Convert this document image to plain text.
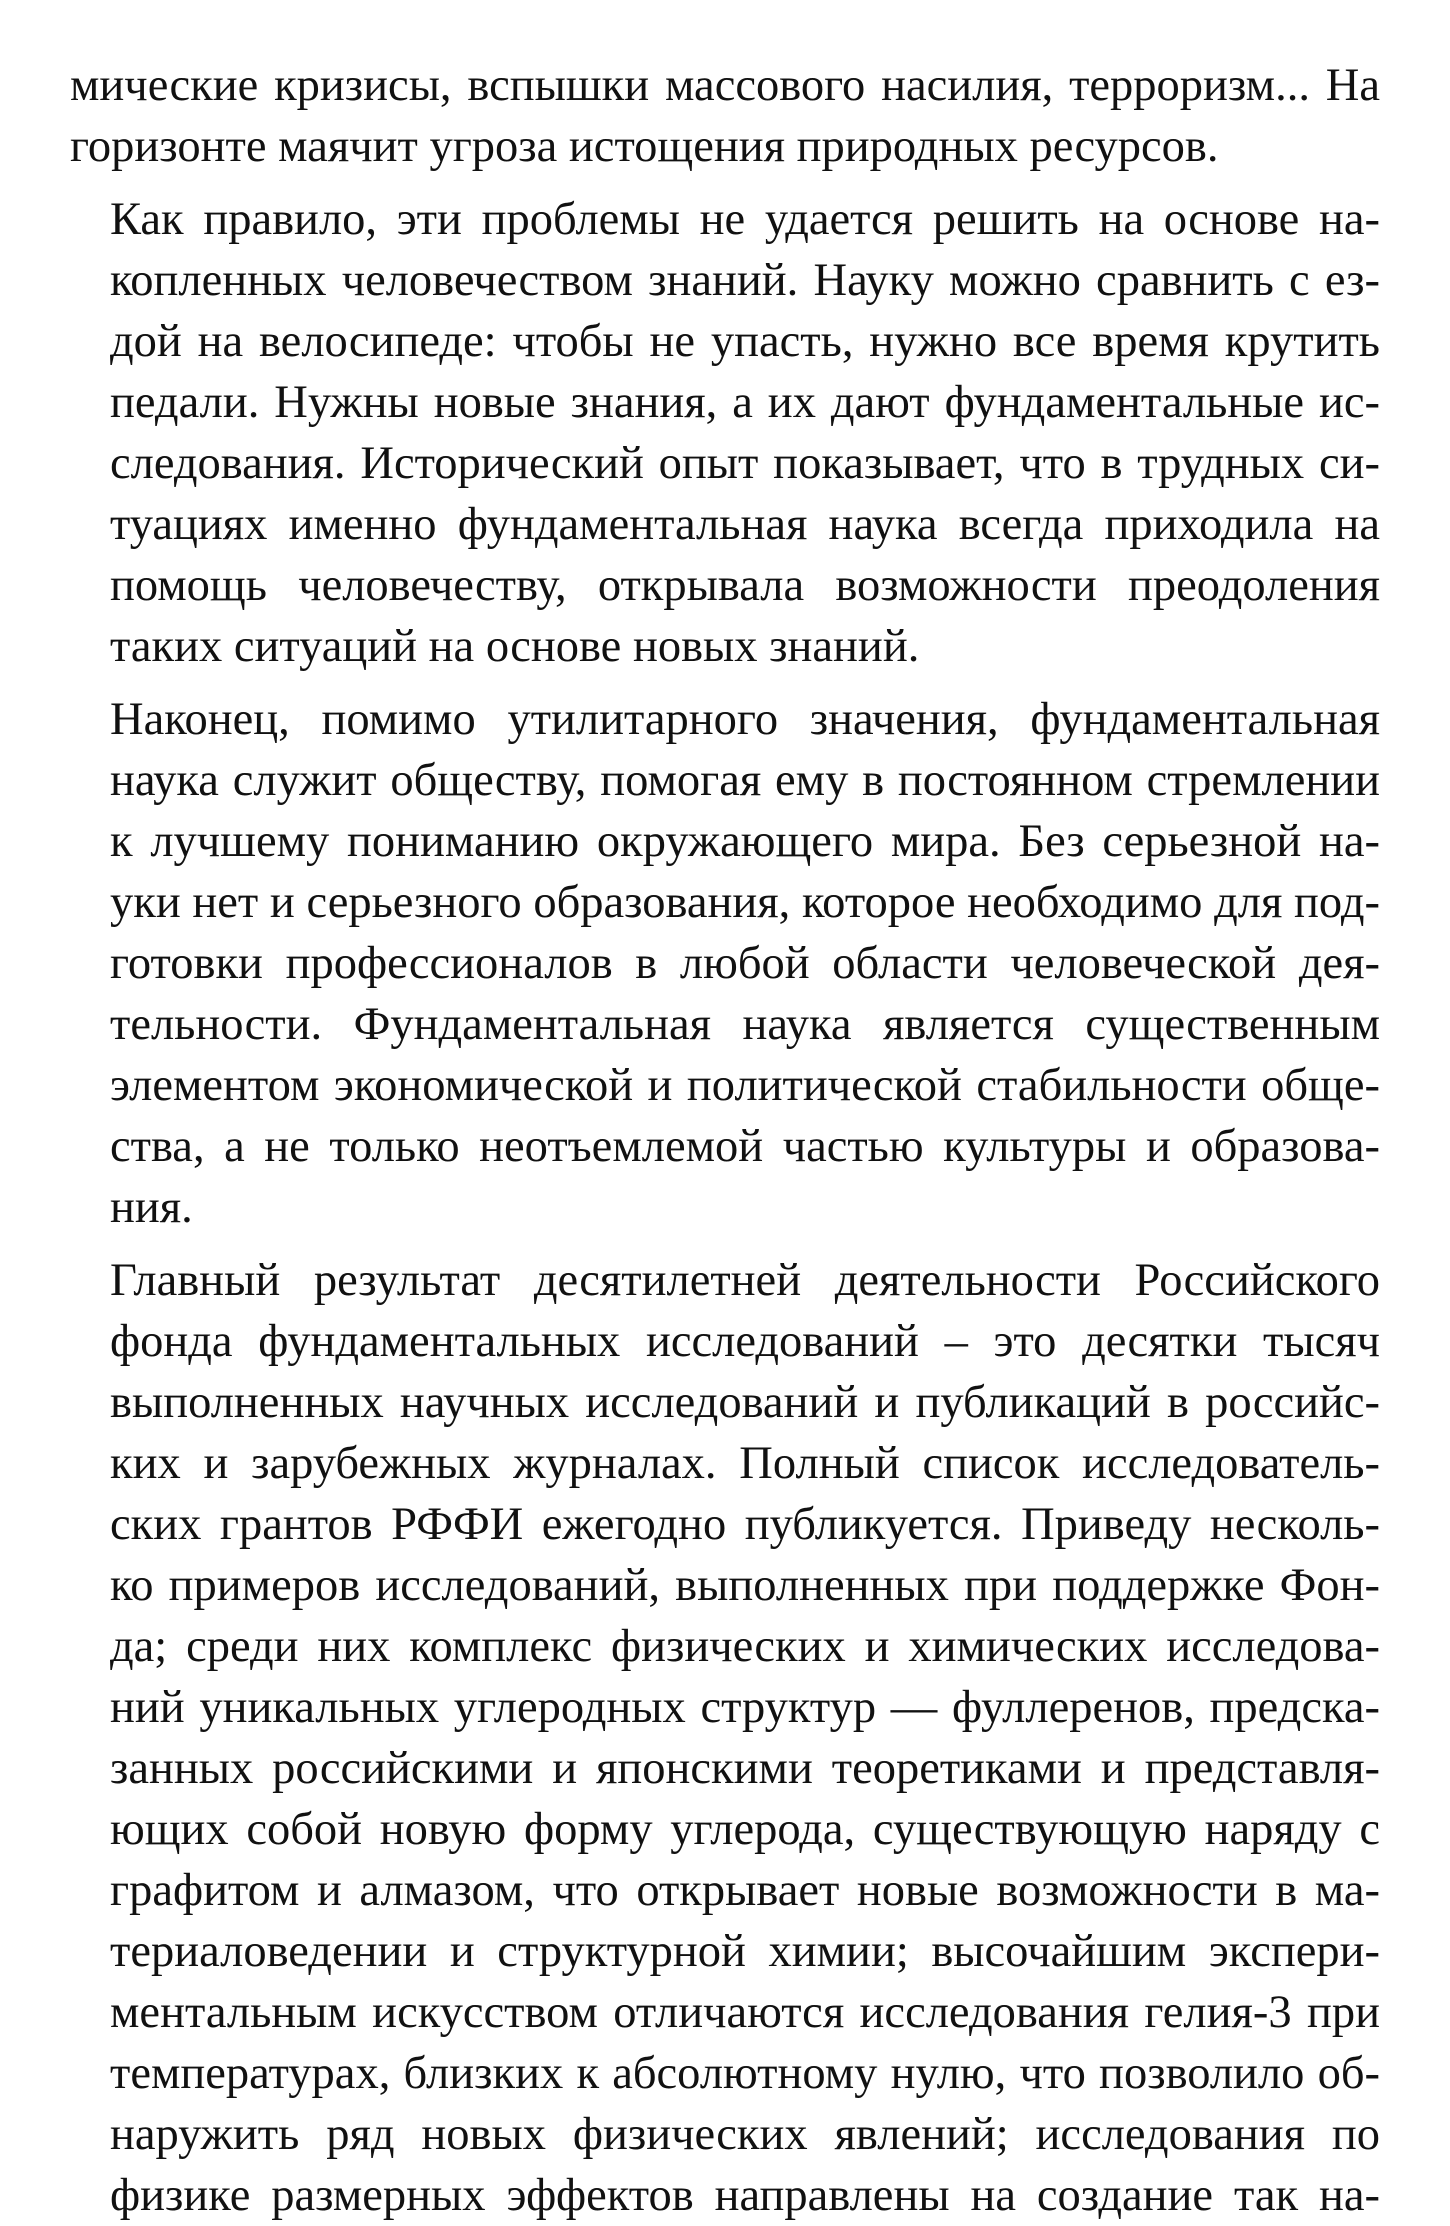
мические кризисы, вспышки массового насилия, терроризм... На
горизонте маячит угроза истощения природных ресурсов.

Как правило, эти проблемы не удается решить на основе на-
копленных человечеством знаний. Науку можно сравнить с ез-
дой на велосипеде: чтобы не упасть, нужно все время крутить
педали. Нужны новые знания, а их дают фундаментальные ис-
следования. Исторический опыт показывает, что в трудных си-
туациях именно фундаментальная наука всегда приходила на
помощь человечеству, открывала возможности преодоления
таких ситуаций на основе новых знаний.

Наконец, помимо утилитарного значения, фундаментальная
наука служит обществу, помогая ему в постоянном стремлении
к лучшему пониманию окружающего мира. Без серьезной на-
уки нет и серьезного образования, которое необходимо для под-
готовки профессионалов в любой области человеческой дея-
тельности. Фундаментальная наука является существенным
элементом экономической и политической стабильности обще-
ства, а не только неотъемлемой частью культуры и образова-
ния.

Главный результат десятилетней деятельности Российского
фонда фундаментальных исследований – это десятки тысяч
выполненных научных исследований и публикаций в российс-
ких и зарубежных журналах. Полный список исследователь-
ских грантов РФФИ ежегодно публикуется. Приведу несколь-
ко примеров исследований, выполненных при поддержке Фон-
да; среди них комплекс физических и химических исследова-
ний уникальных углеродных структур — фуллеренов, предска-
занных российскими и японскими теоретиками и представля-
ющих собой новую форму углерода, существующую наряду с
графитом и алмазом, что открывает новые возможности в ма-
териаловедении и структурной химии; высочайшим экспери-
ментальным искусством отличаются исследования гелия-3 при
температурах, близких к абсолютному нулю, что позволило об-
наружить ряд новых физических явлений; исследования по
физике размерных эффектов направлены на создание так на-
